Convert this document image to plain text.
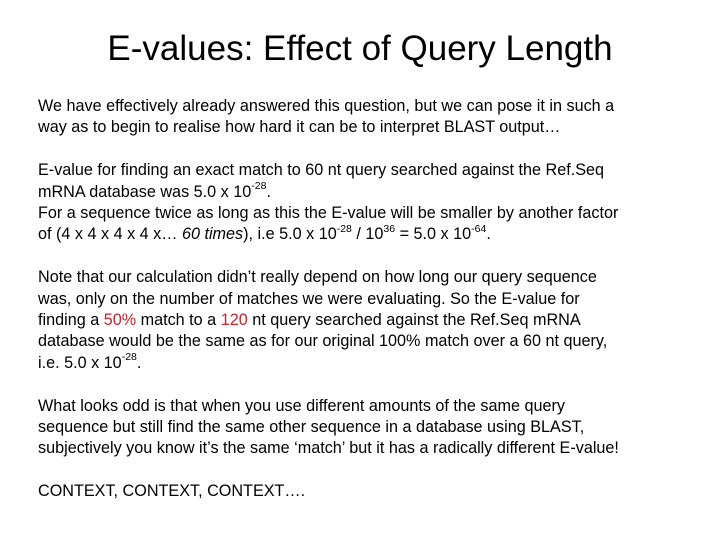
E-values: Effect of Query Length

We have effectively already answered this question, but we can pose it in such a

way as to begin to realise how hard it can be to interpret BLAST output…

E-value for finding an exact match to 60 nt query searched against the Ref.Seq

mRNA database was 5.0 x $10^{-28}$.

For a sequence twice as long as this the E-value will be smaller by another factor

of (4 x 4 x 4 x 4 x… 60 times), i.e 5.0 x $10^{-28} / 10^{36} = 5.0$ x $10^{-64}$.

Note that our calculation didn’t really depend on how long our query sequence

was, only on the number of matches we were evaluating. So the E-value for

finding a 50% match to a 120 nt query searched against the Ref.Seq mRNA

database would be the same as for our original 100% match over a 60 nt query,

i.e. 5.0 x $10^{-28}$.

What looks odd is that when you use different amounts of the same query

sequence but still find the same other sequence in a database using BLAST,

subjectively you know it’s the same ‘match’ but it has a radically different E-value!

CONTEXT, CONTEXT, CONTEXT….
